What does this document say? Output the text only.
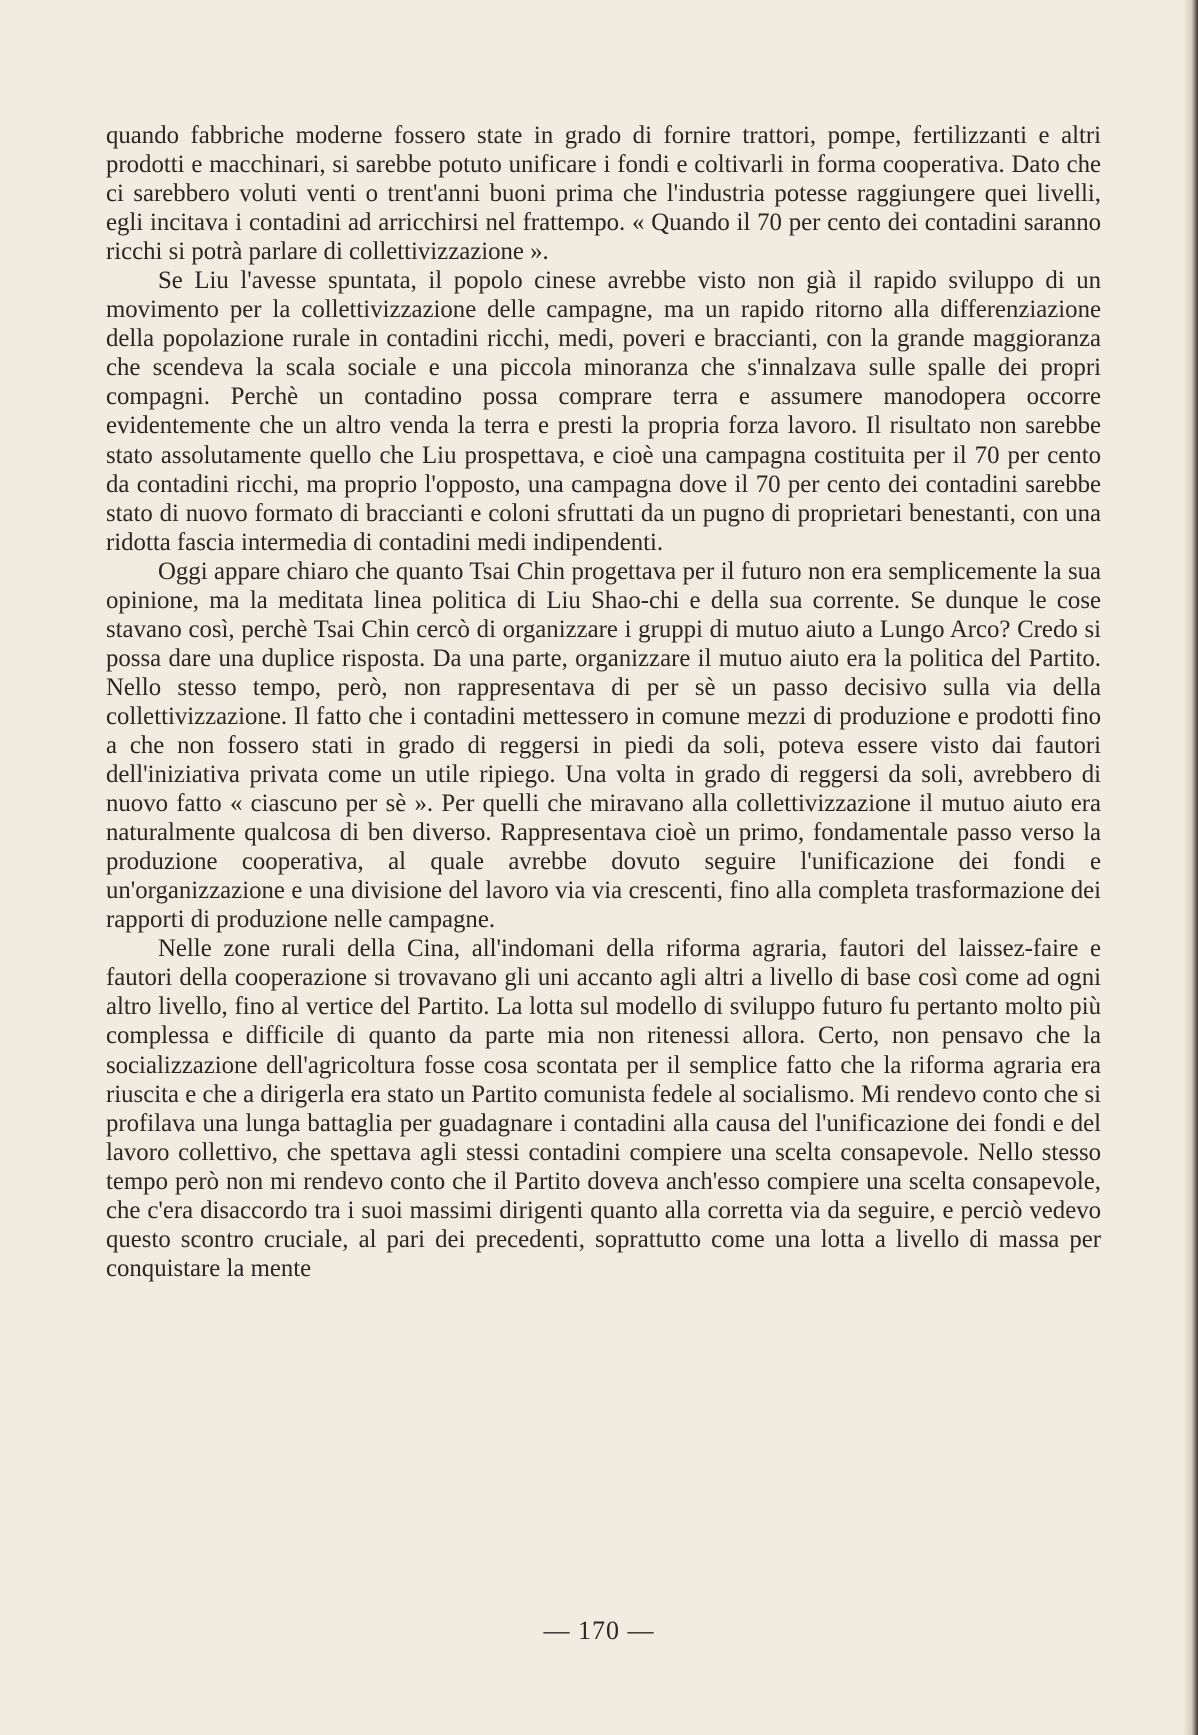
quando fabbriche moderne fossero state in grado di fornire trattori, pompe, fertilizzanti e altri prodotti e macchinari, si sarebbe potuto unificare i fondi e coltivarli in forma cooperativa. Dato che ci sarebbero voluti venti o trent'anni buoni prima che l'industria potesse raggiungere quei livelli, egli incitava i contadini ad arricchirsi nel frattempo. « Quando il 70 per cento dei contadini saranno ricchi si potrà parlare di collettivizzazione ».

Se Liu l'avesse spuntata, il popolo cinese avrebbe visto non già il rapido sviluppo di un movimento per la collettivizzazione delle campagne, ma un rapido ritorno alla differenziazione della popolazione rurale in contadini ricchi, medi, poveri e braccianti, con la grande maggioranza che scendeva la scala sociale e una piccola minoranza che s'innalzava sulle spalle dei propri compagni. Perchè un contadino possa comprare terra e assumere manodopera occorre evidentemente che un altro venda la terra e presti la propria forza lavoro. Il risultato non sarebbe stato assolutamente quello che Liu prospettava, e cioè una campagna costituita per il 70 per cento da contadini ricchi, ma proprio l'opposto, una campagna dove il 70 per cento dei contadini sarebbe stato di nuovo formato di braccianti e coloni sfruttati da un pugno di proprietari benestanti, con una ridotta fascia intermedia di contadini medi indipendenti.

Oggi appare chiaro che quanto Tsai Chin progettava per il futuro non era semplicemente la sua opinione, ma la meditata linea politica di Liu Shao-chi e della sua corrente. Se dunque le cose stavano così, perchè Tsai Chin cercò di organizzare i gruppi di mutuo aiuto a Lungo Arco? Credo si possa dare una duplice risposta. Da una parte, organizzare il mutuo aiuto era la politica del Partito. Nello stesso tempo, però, non rappresentava di per sè un passo decisivo sulla via della collettivizzazione. Il fatto che i contadini mettessero in comune mezzi di produzione e prodotti fino a che non fossero stati in grado di reggersi in piedi da soli, poteva essere visto dai fautori dell'iniziativa privata come un utile ripiego. Una volta in grado di reggersi da soli, avrebbero di nuovo fatto « ciascuno per sè ». Per quelli che miravano alla collettivizzazione il mutuo aiuto era naturalmente qualcosa di ben diverso. Rappresentava cioè un primo, fondamentale passo verso la produzione cooperativa, al quale avrebbe dovuto seguire l'unificazione dei fondi e un'organizzazione e una divisione del lavoro via via crescenti, fino alla completa trasformazione dei rapporti di produzione nelle campagne.

Nelle zone rurali della Cina, all'indomani della riforma agraria, fautori del laissez-faire e fautori della cooperazione si trovavano gli uni accanto agli altri a livello di base così come ad ogni altro livello, fino al vertice del Partito. La lotta sul modello di sviluppo futuro fu pertanto molto più complessa e difficile di quanto da parte mia non ritenessi allora. Certo, non pensavo che la socializzazione dell'agricoltura fosse cosa scontata per il semplice fatto che la riforma agraria era riuscita e che a dirigerla era stato un Partito comunista fedele al socialismo. Mi rendevo conto che si profilava una lunga battaglia per guadagnare i contadini alla causa del l'unificazione dei fondi e del lavoro collettivo, che spettava agli stessi contadini compiere una scelta consapevole. Nello stesso tempo però non mi rendevo conto che il Partito doveva anch'esso compiere una scelta consapevole, che c'era disaccordo tra i suoi massimi dirigenti quanto alla corretta via da seguire, e perciò vedevo questo scontro cruciale, al pari dei precedenti, soprattutto come una lotta a livello di massa per conquistare la mente

— 170 —
